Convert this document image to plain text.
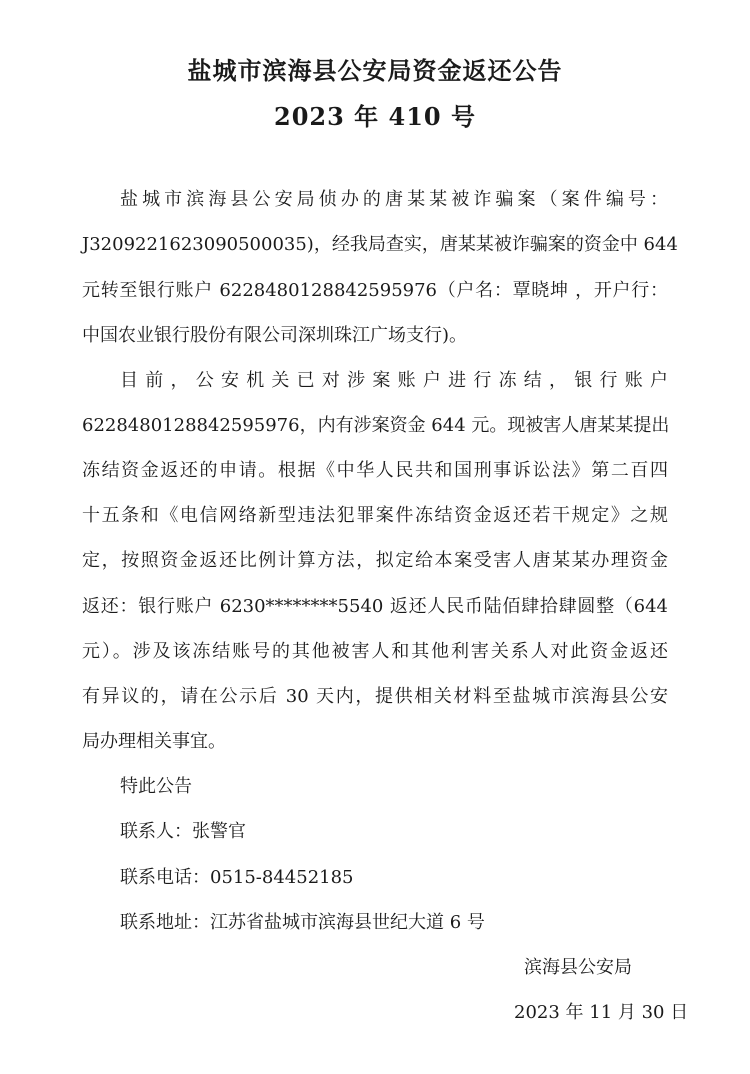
盐城市滨海县公安局资金返还公告
2023 年 410 号
盐城市滨海县公安局侦办的唐某某被诈骗案（案件编号：
J3209221623090500035)，经我局查实，唐某某被诈骗案的资金中 644
元转至银行账户 6228480128842595976（户名：覃晓坤 ，开户行：
中国农业银行股份有限公司深圳珠江广场支行)。
目前，公安机关已对涉案账户进行冻结，银行账户
6228480128842595976，内有涉案资金 644 元。现被害人唐某某提出
冻结资金返还的申请。根据《中华人民共和国刑事诉讼法》第二百四
十五条和《电信网络新型违法犯罪案件冻结资金返还若干规定》之规
定，按照资金返还比例计算方法，拟定给本案受害人唐某某办理资金
返还：银行账户 6230********5540 返还人民币陆佰肆拾肆圆整（644
元）。涉及该冻结账号的其他被害人和其他利害关系人对此资金返还
有异议的，请在公示后 30 天内，提供相关材料至盐城市滨海县公安
局办理相关事宜。
特此公告
联系人：张警官
联系电话：0515-84452185
联系地址：江苏省盐城市滨海县世纪大道 6 号
滨海县公安局
2023 年 11 月 30 日
